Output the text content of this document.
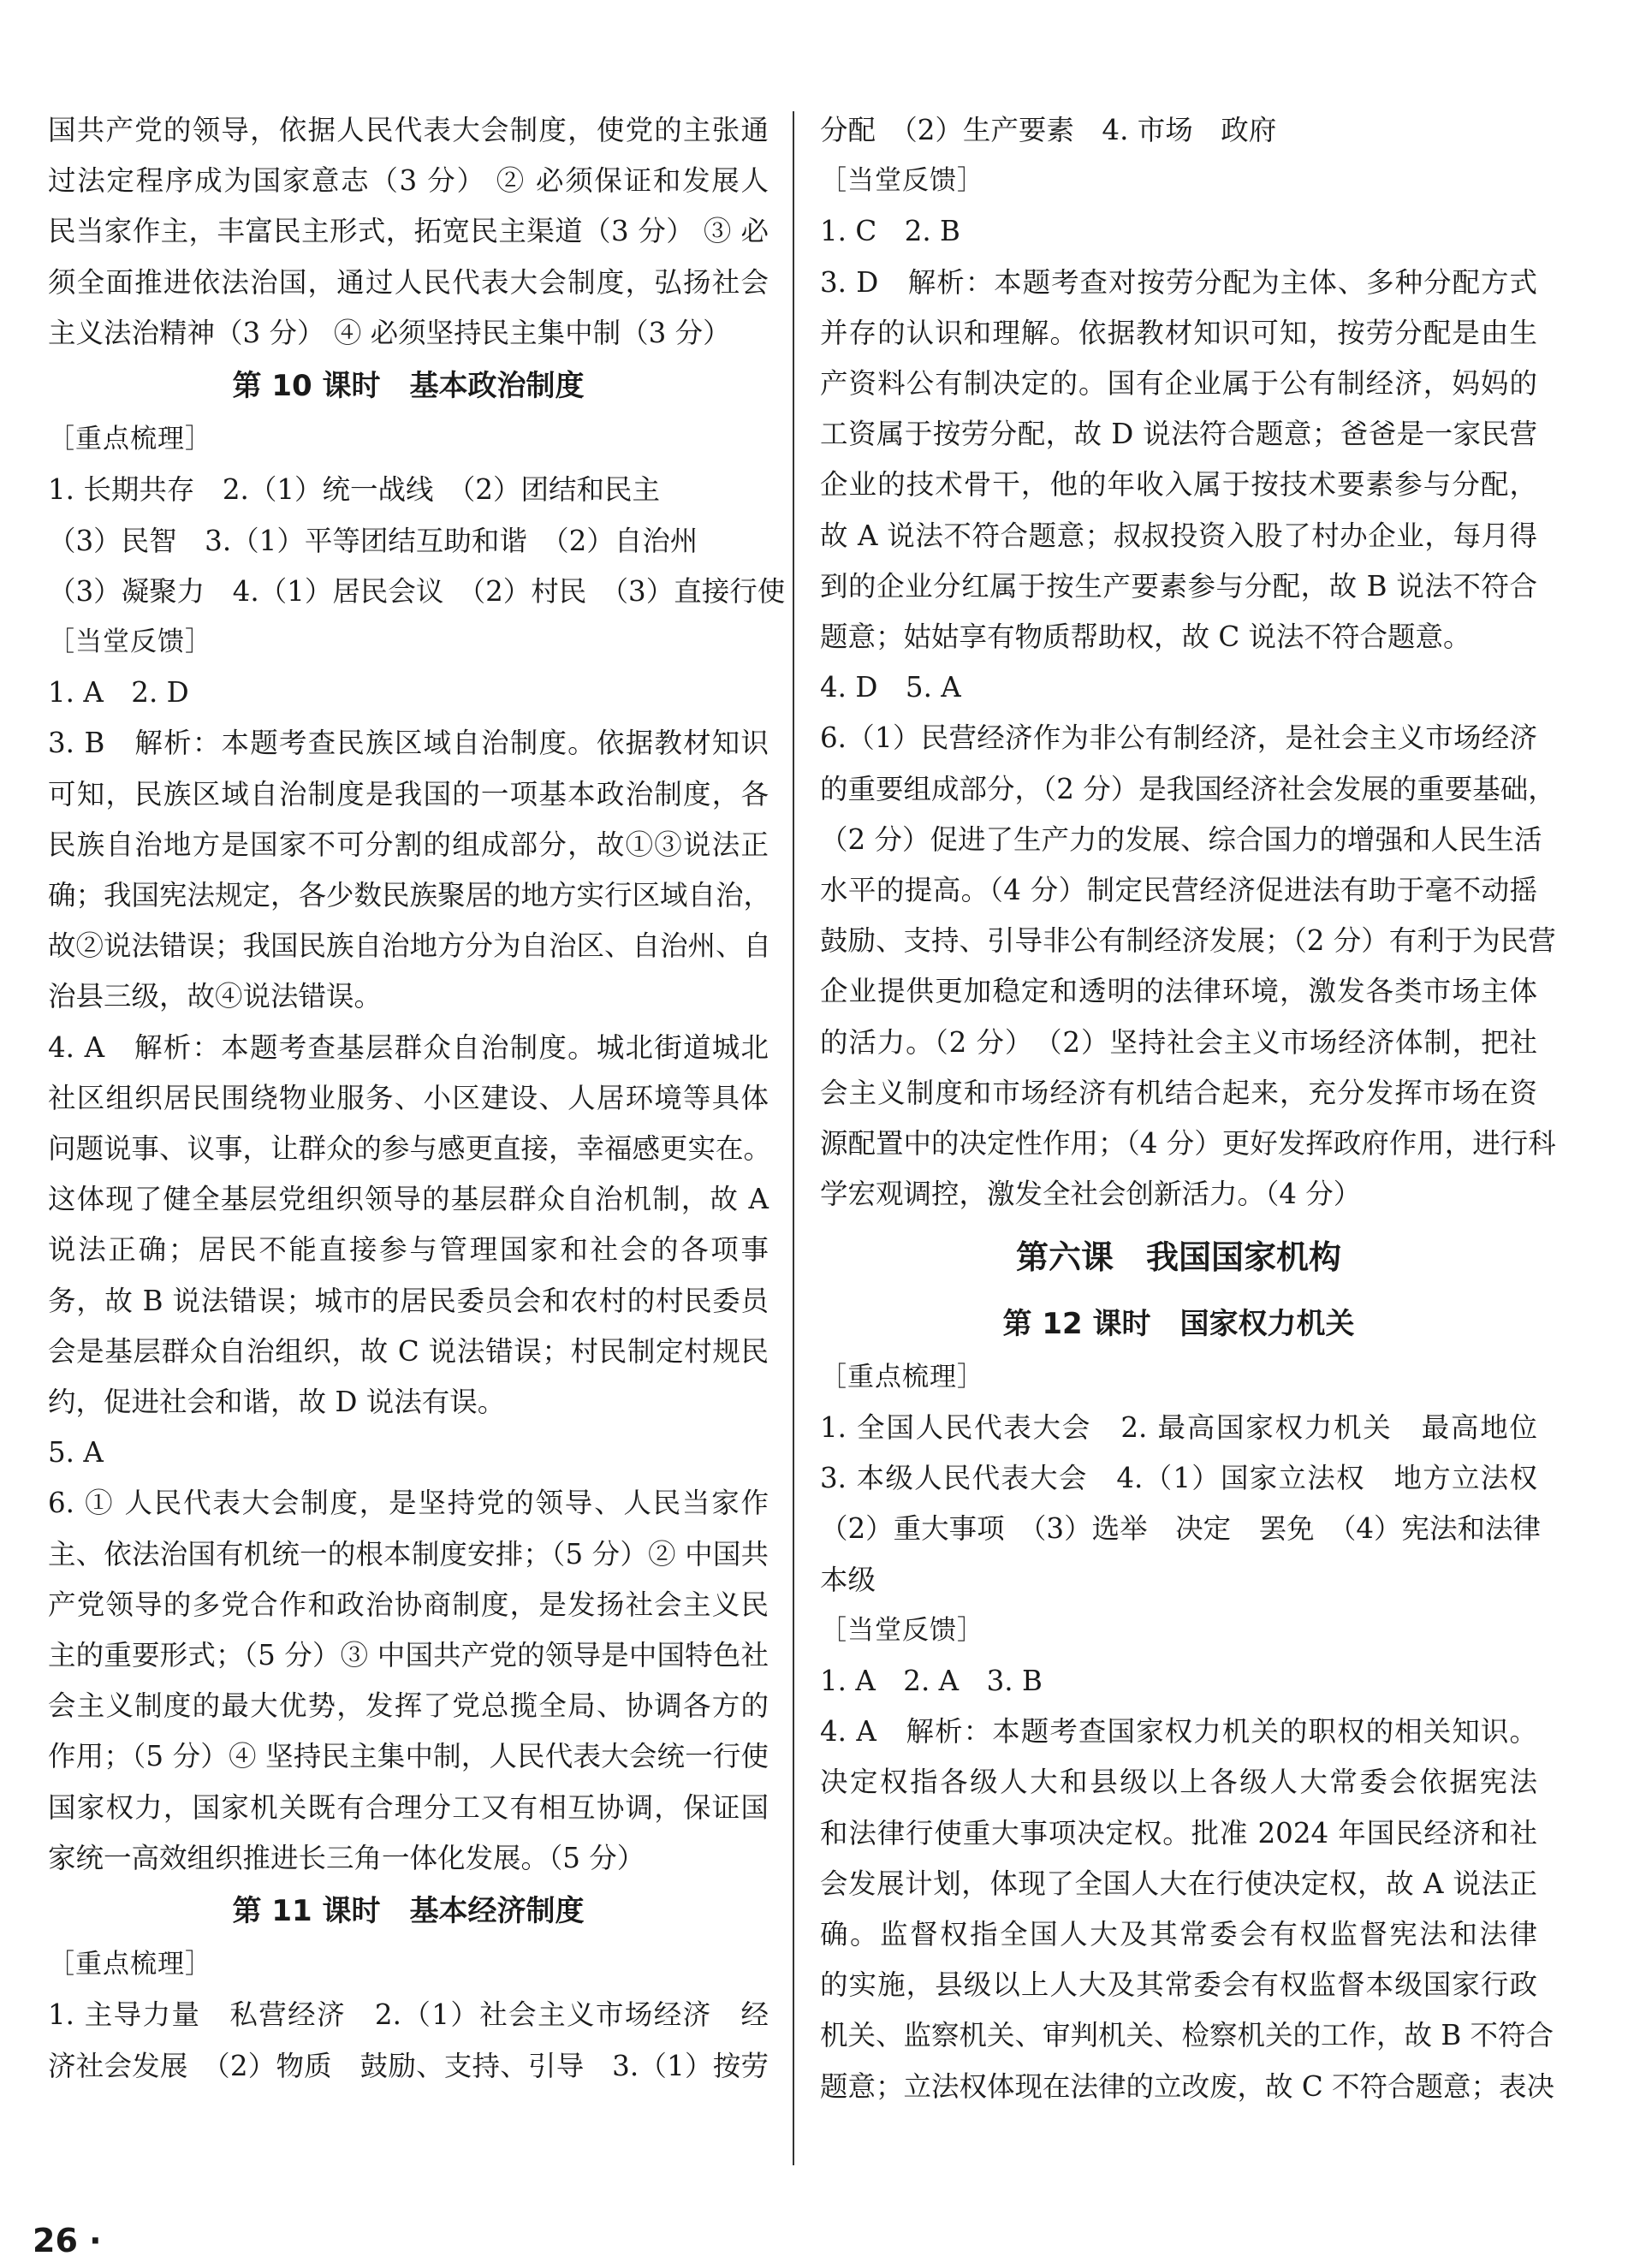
国共产党的领导，依据人民代表大会制度，使党的主张通
过法定程序成为国家意志（3 分） ② 必须保证和发展人
民当家作主，丰富民主形式，拓宽民主渠道（3 分） ③ 必
须全面推进依法治国，通过人民代表大会制度，弘扬社会
主义法治精神（3 分） ④ 必须坚持民主集中制（3 分）
第 10 课时　基本政治制度
［重点梳理］
1. 长期共存　2.（1）统一战线　（2）团结和民主
（3）民智　3.（1）平等团结互助和谐　（2）自治州
（3）凝聚力　4.（1）居民会议　（2）村民　（3）直接行使
［当堂反馈］
1. A　2. D
3. B　解析：本题考查民族区域自治制度。依据教材知识
可知，民族区域自治制度是我国的一项基本政治制度，各
民族自治地方是国家不可分割的组成部分，故①③说法正
确；我国宪法规定，各少数民族聚居的地方实行区域自治，
故②说法错误；我国民族自治地方分为自治区、自治州、自
治县三级，故④说法错误。
4. A　解析：本题考查基层群众自治制度。城北街道城北
社区组织居民围绕物业服务、小区建设、人居环境等具体
问题说事、议事，让群众的参与感更直接，幸福感更实在。
这体现了健全基层党组织领导的基层群众自治机制，故 A
说法正确；居民不能直接参与管理国家和社会的各项事
务，故 B 说法错误；城市的居民委员会和农村的村民委员
会是基层群众自治组织，故 C 说法错误；村民制定村规民
约，促进社会和谐，故 D 说法有误。
5. A
6. ① 人民代表大会制度，是坚持党的领导、人民当家作
主、依法治国有机统一的根本制度安排；（5 分）② 中国共
产党领导的多党合作和政治协商制度，是发扬社会主义民
主的重要形式；（5 分）③ 中国共产党的领导是中国特色社
会主义制度的最大优势，发挥了党总揽全局、协调各方的
作用；（5 分）④ 坚持民主集中制，人民代表大会统一行使
国家权力，国家机关既有合理分工又有相互协调，保证国
家统一高效组织推进长三角一体化发展。（5 分）
第 11 课时　基本经济制度
［重点梳理］
1. 主导力量　私营经济　2.（1）社会主义市场经济　经
济社会发展　（2）物质　鼓励、支持、引导　3.（1）按劳
分配　（2）生产要素　4. 市场　政府
［当堂反馈］
1. C　2. B
3. D　解析：本题考查对按劳分配为主体、多种分配方式
并存的认识和理解。依据教材知识可知，按劳分配是由生
产资料公有制决定的。国有企业属于公有制经济，妈妈的
工资属于按劳分配，故 D 说法符合题意；爸爸是一家民营
企业的技术骨干，他的年收入属于按技术要素参与分配，
故 A 说法不符合题意；叔叔投资入股了村办企业，每月得
到的企业分红属于按生产要素参与分配，故 B 说法不符合
题意；姑姑享有物质帮助权，故 C 说法不符合题意。
4. D　5. A
6.（1）民营经济作为非公有制经济，是社会主义市场经济
的重要组成部分，（2 分）是我国经济社会发展的重要基础，
（2 分）促进了生产力的发展、综合国力的增强和人民生活
水平的提高。（4 分）制定民营经济促进法有助于毫不动摇
鼓励、支持、引导非公有制经济发展；（2 分）有利于为民营
企业提供更加稳定和透明的法律环境，激发各类市场主体
的活力。（2 分）　（2）坚持社会主义市场经济体制，把社
会主义制度和市场经济有机结合起来，充分发挥市场在资
源配置中的决定性作用；（4 分）更好发挥政府作用，进行科
学宏观调控，激发全社会创新活力。（4 分）
第六课　我国国家机构
第 12 课时　国家权力机关
［重点梳理］
1. 全国人民代表大会　2. 最高国家权力机关　最高地位
3. 本级人民代表大会　4.（1）国家立法权　地方立法权
（2）重大事项　（3）选举　决定　罢免　（4）宪法和法律
本级
［当堂反馈］
1. A　2. A　3. B
4. A　解析：本题考查国家权力机关的职权的相关知识。
决定权指各级人大和县级以上各级人大常委会依据宪法
和法律行使重大事项决定权。批准 2024 年国民经济和社
会发展计划，体现了全国人大在行使决定权，故 A 说法正
确。监督权指全国人大及其常委会有权监督宪法和法律
的实施，县级以上人大及其常委会有权监督本级国家行政
机关、监察机关、审判机关、检察机关的工作，故 B 不符合
题意；立法权体现在法律的立改废，故 C 不符合题意；表决
26 ·
